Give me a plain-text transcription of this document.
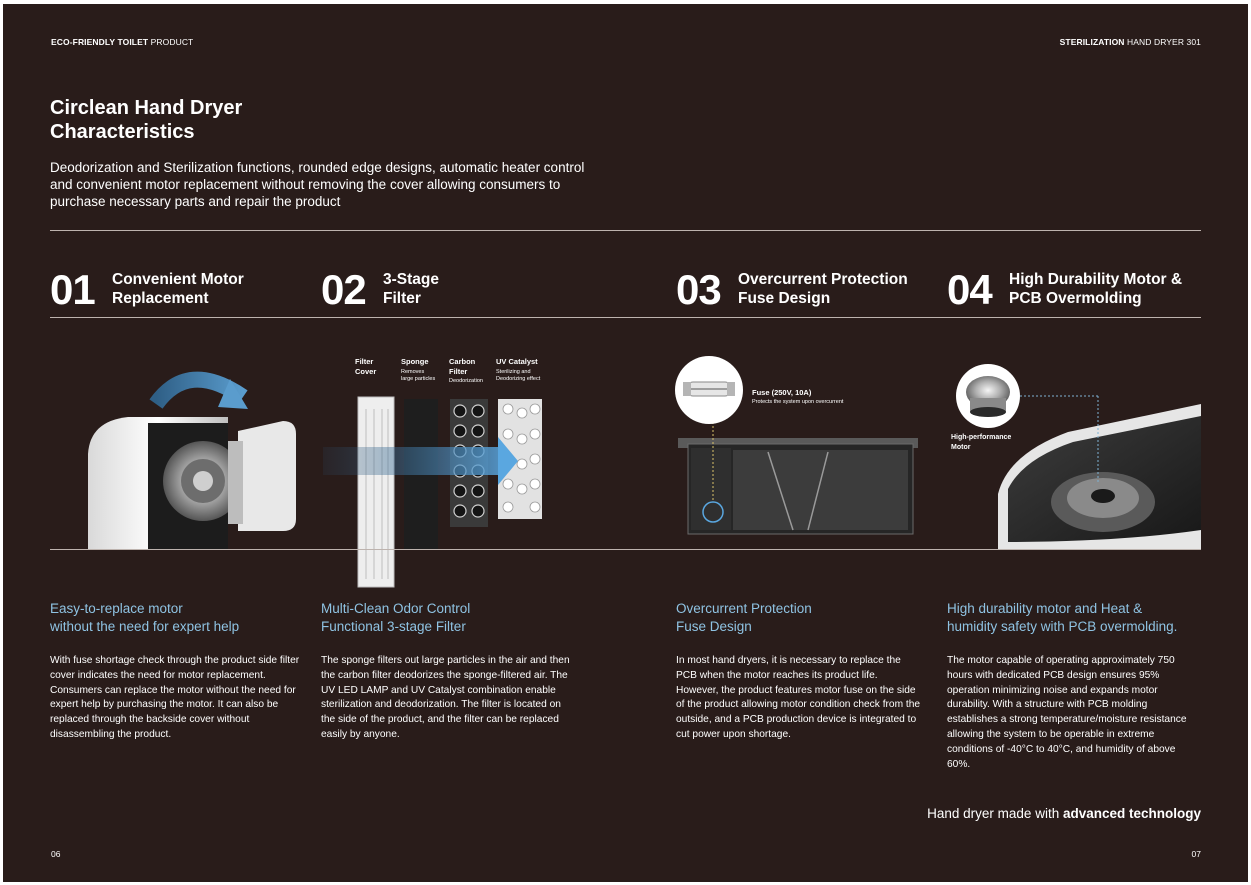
ECO-FRIENDLY TOILET PRODUCT	STERILIZATION HAND DRYER 301
Circlean Hand Dryer
Characteristics
Deodorization and Sterilization functions, rounded edge designs, automatic heater control and convenient motor replacement without removing the cover allowing consumers to purchase necessary parts and repair the product
01 Convenient Motor
Replacement	02 3-Stage
Filter	03 Overcurrent Protection
Fuse Design	04 High Durability Motor &
PCB Overmolding
Filter
Cover
Sponge
Removes
large particles
Carbon
Filter
Deodorization
UV Catalyst
Sterilizing and
Deodorizing effect
Fuse (250V, 10A)
Protects the system upon overcurrent
High-performance
Motor
Easy-to-replace motor
without the need for expert help
Multi-Clean Odor Control
Functional 3-stage Filter
Overcurrent Protection
Fuse Design
High durability motor and Heat &
humidity safety with PCB overmolding.
With fuse shortage check through the product side filter cover indicates the need for motor replacement. Consumers can replace the motor without the need for expert help by purchasing the motor. It can also be replaced through the backside cover without disassembling the product.
The sponge filters out large particles in the air and then the carbon filter deodorizes the sponge-filtered air. The UV LED LAMP and UV Catalyst combination enable sterilization and deodorization. The filter is located on the side of the product, and the filter can be replaced easily by anyone.
In most hand dryers, it is necessary to replace the PCB when the motor reaches its product life. However, the product features motor fuse on the side of the product allowing motor condition check from the outside, and a PCB production device is integrated to cut power upon shortage.
The motor capable of operating approximately 750 hours with dedicated PCB design ensures 95% operation minimizing noise and expands motor durability. With a structure with PCB molding establishes a strong temperature/moisture resistance allowing the system to be operable in extreme conditions of -40°C to 40°C, and humidity of above 60%.
Hand dryer made with advanced technology
06	07
